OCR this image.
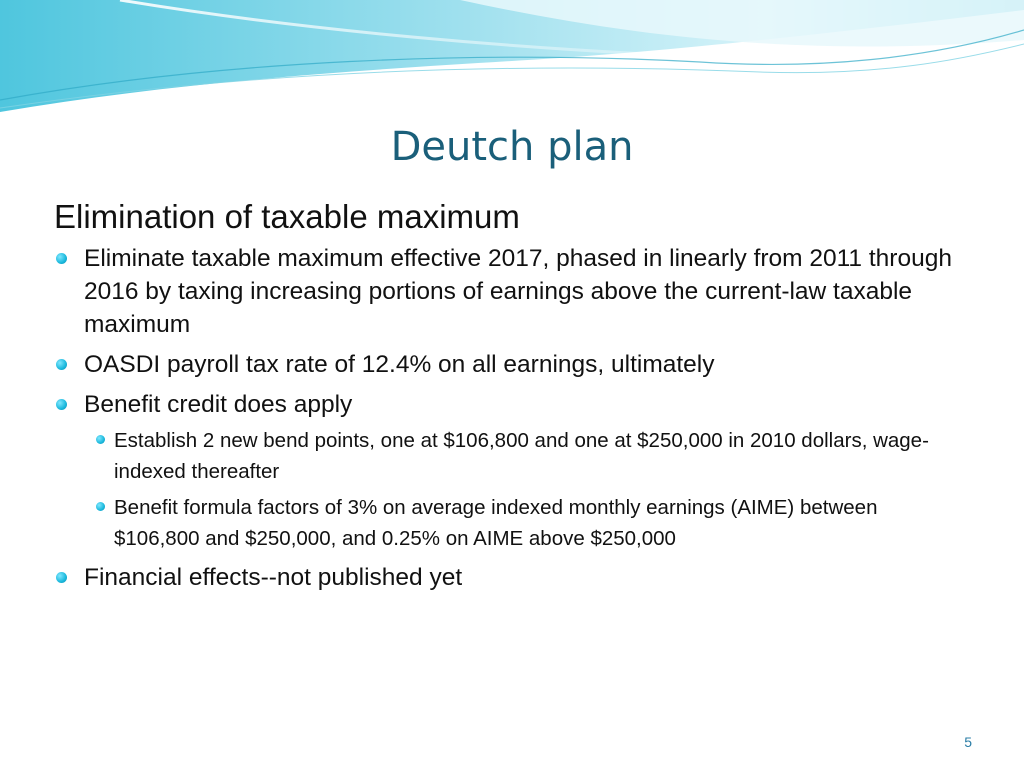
Deutch plan
Elimination of taxable maximum
Eliminate taxable maximum effective 2017, phased in linearly from 2011 through 2016 by taxing increasing portions of earnings above the current-law taxable maximum
OASDI payroll tax rate of 12.4% on all earnings, ultimately
Benefit credit does apply
Establish 2 new bend points, one at $106,800 and one at $250,000 in 2010 dollars, wage-indexed thereafter
Benefit formula factors of 3% on average indexed monthly earnings (AIME) between $106,800 and $250,000, and 0.25% on AIME above $250,000
Financial effects--not published yet
5
